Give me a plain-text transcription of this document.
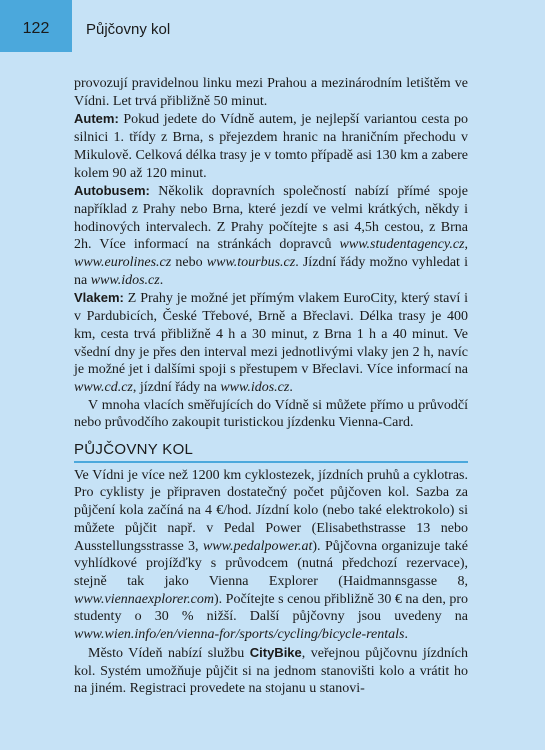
122	Půjčovny kol

provozují pravidelnou linku mezi Prahou a mezinárodním letištěm ve Vídni. Let trvá přibližně 50 minut.

Autem: Pokud jedete do Vídně autem, je nejlepší variantou cesta po silnici 1. třídy z Brna, s přejezdem hranic na hraničním přechodu v Mikulově. Celková délka trasy je v tomto případě asi 130 km a zabere kolem 90 až 120 minut.

Autobusem: Několik dopravních společností nabízí přímé spoje například z Prahy nebo Brna, které jezdí ve velmi krátkých, někdy i hodinových intervalech. Z Prahy počítejte s asi 4,5h cestou, z Brna 2h. Více informací na stránkách dopravců www.studentagency.cz, www.eurolines.cz nebo www.tourbus.cz. Jízdní řády možno vyhledat i na www.idos.cz.

Vlakem: Z Prahy je možné jet přímým vlakem EuroCity, který staví i v Pardubicích, České Třebové, Brně a Břeclavi. Délka trasy je 400 km, cesta trvá přibližně 4 h a 30 minut, z Brna 1 h a 40 minut. Ve všední dny je přes den interval mezi jednotlivými vlaky jen 2 h, navíc je možné jet i dalšími spoji s přestupem v Břeclavi. Více informací na www.cd.cz, jízdní řády na www.idos.cz.

V mnoha vlacích směřujících do Vídně si můžete přímo u průvodčí nebo průvodčího zakoupit turistickou jízdenku Vienna-Card.

PŮJČOVNY KOL

Ve Vídni je více než 1200 km cyklostezek, jízdních pruhů a cyklotras. Pro cyklisty je připraven dostatečný počet půjčoven kol. Sazba za půjčení kola začíná na 4 €/hod. Jízdní kolo (nebo také elektrokolo) si můžete půjčit např. v Pedal Power (Elisabethstrasse 13 nebo Ausstellungsstrasse 3, www.pedalpower.at). Půjčovna organizuje také vyhlídkové projížďky s průvodcem (nutná předchozí rezervace), stejně tak jako Vienna Explorer (Haidmannsgasse 8, www.viennaexplorer.com). Počítejte s cenou přibližně 30 € na den, pro studenty o 30 % nižší. Další půjčovny jsou uvedeny na www.wien.info/en/vienna-for/sports/cycling/bicycle-rentals.

Město Vídeň nabízí službu CityBike, veřejnou půjčovnu jízdních kol. Systém umožňuje půjčit si na jednom stanovišti kolo a vrátit ho na jiném. Registraci provedete na stojanu u stanovi-
